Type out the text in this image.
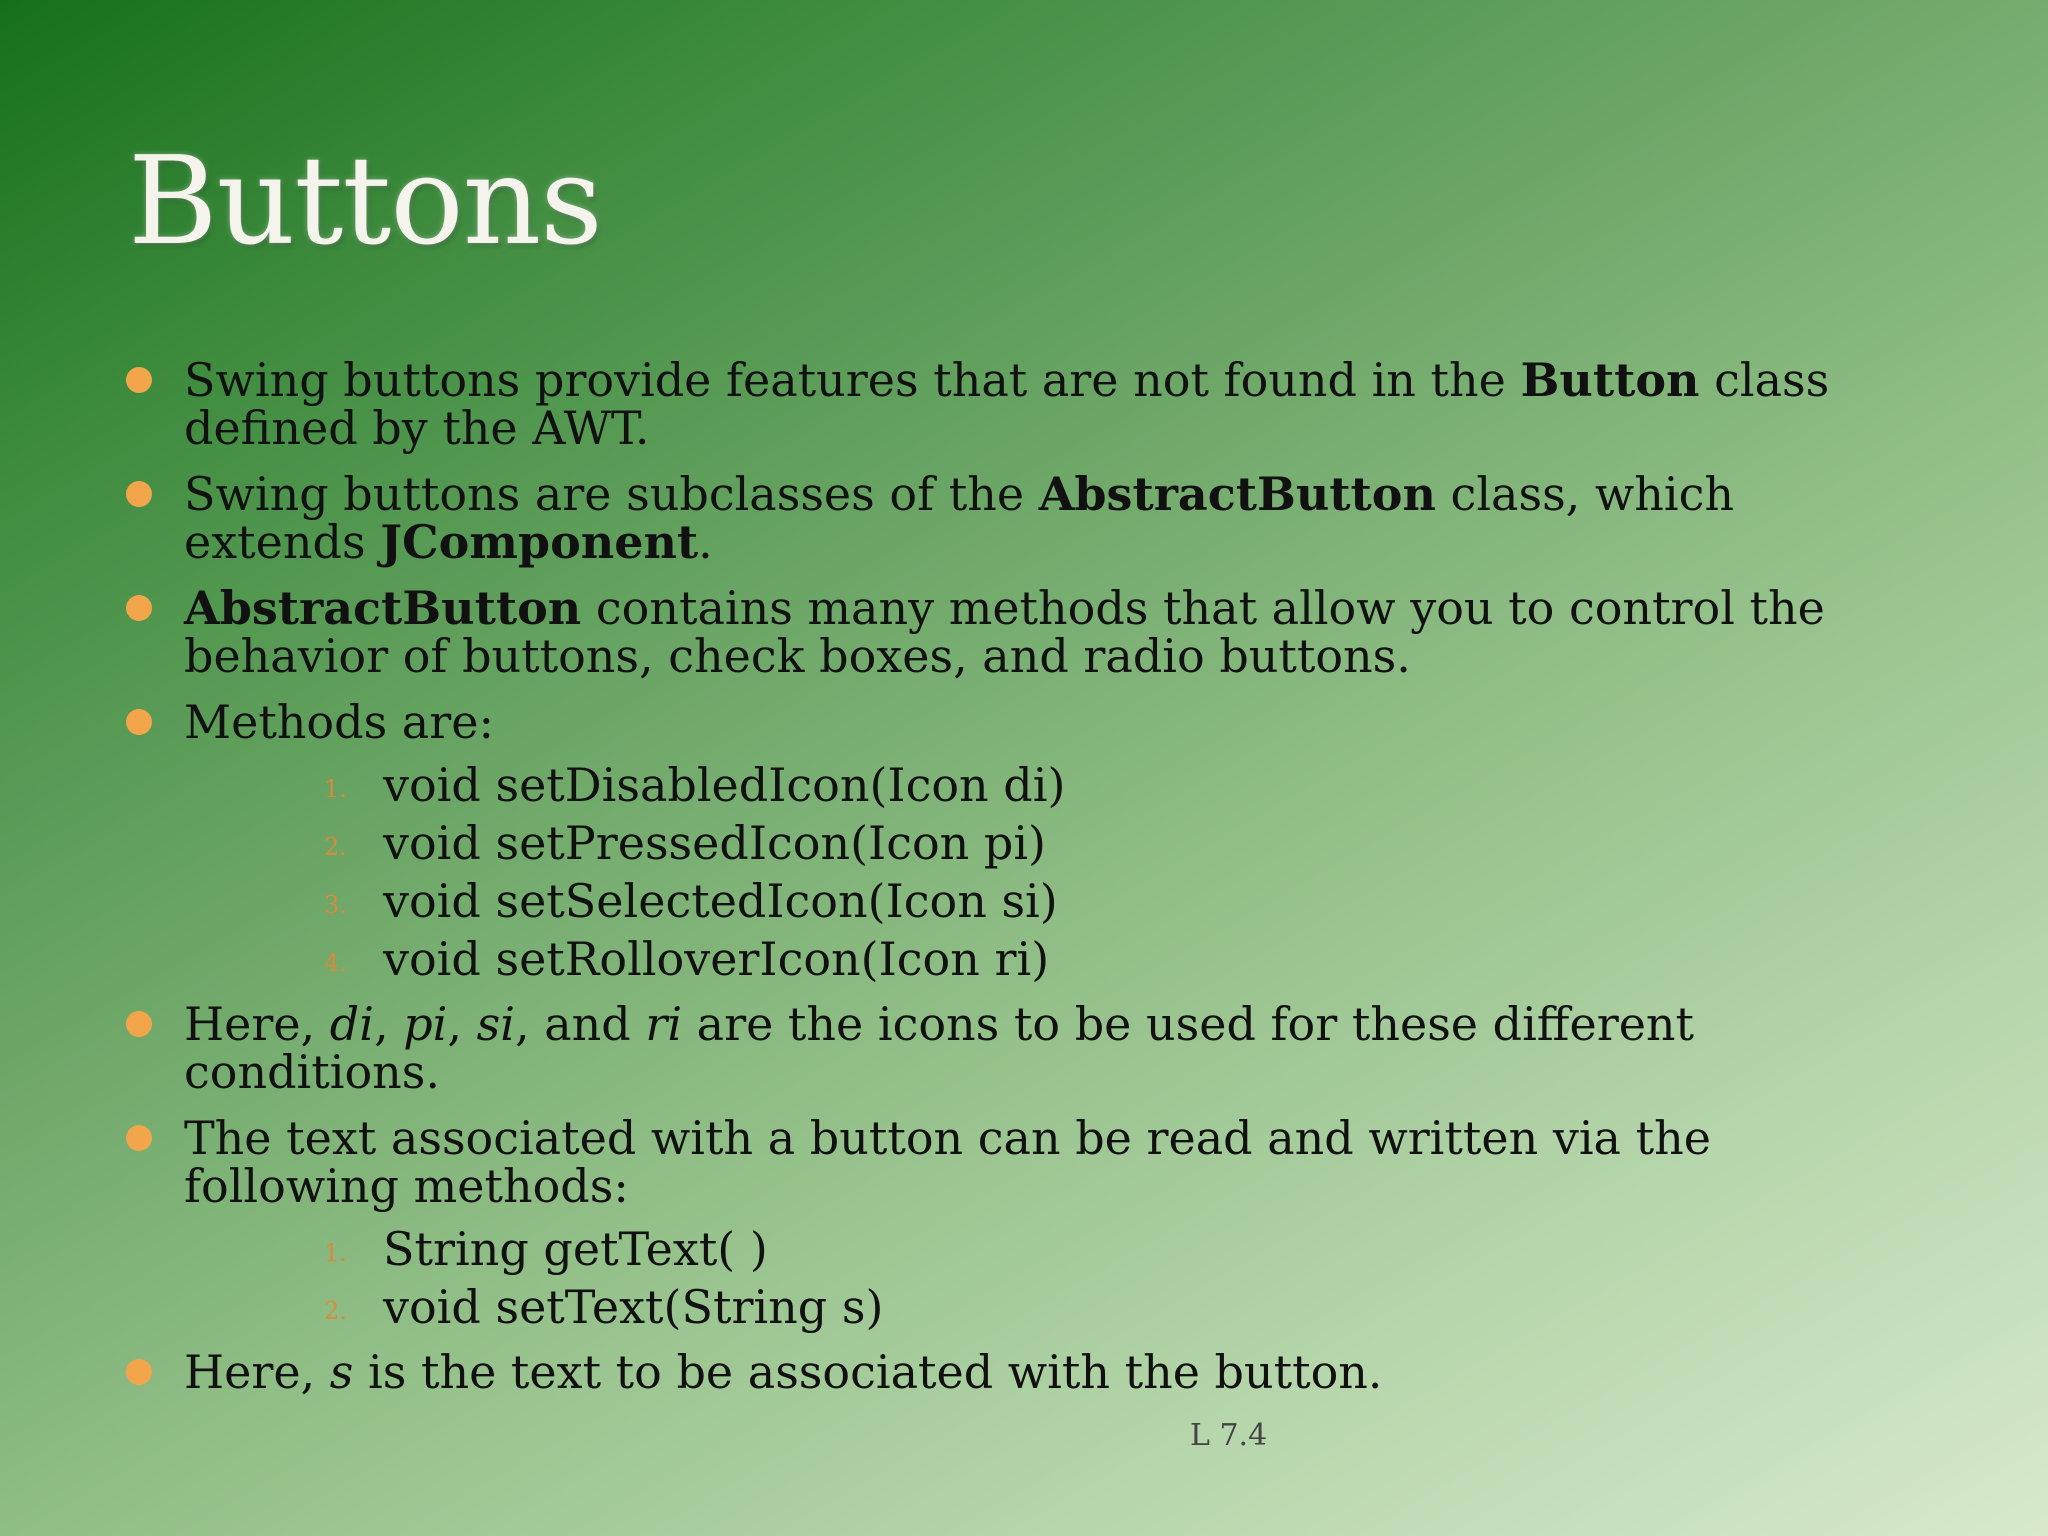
Buttons
Swing buttons provide features that are not found in the Button class defined by the AWT.
Swing buttons are subclasses of the AbstractButton class, which extends JComponent.
AbstractButton contains many methods that allow you to control the behavior of buttons, check boxes, and radio buttons.
Methods are:
1. void setDisabledIcon(Icon di)
2. void setPressedIcon(Icon pi)
3. void setSelectedIcon(Icon si)
4. void setRolloverIcon(Icon ri)
Here, di, pi, si, and ri are the icons to be used for these different conditions.
The text associated with a button can be read and written via the following methods:
1. String getText( )
2. void setText(String s)
Here, s is the text to be associated with the button.
L 7.4
